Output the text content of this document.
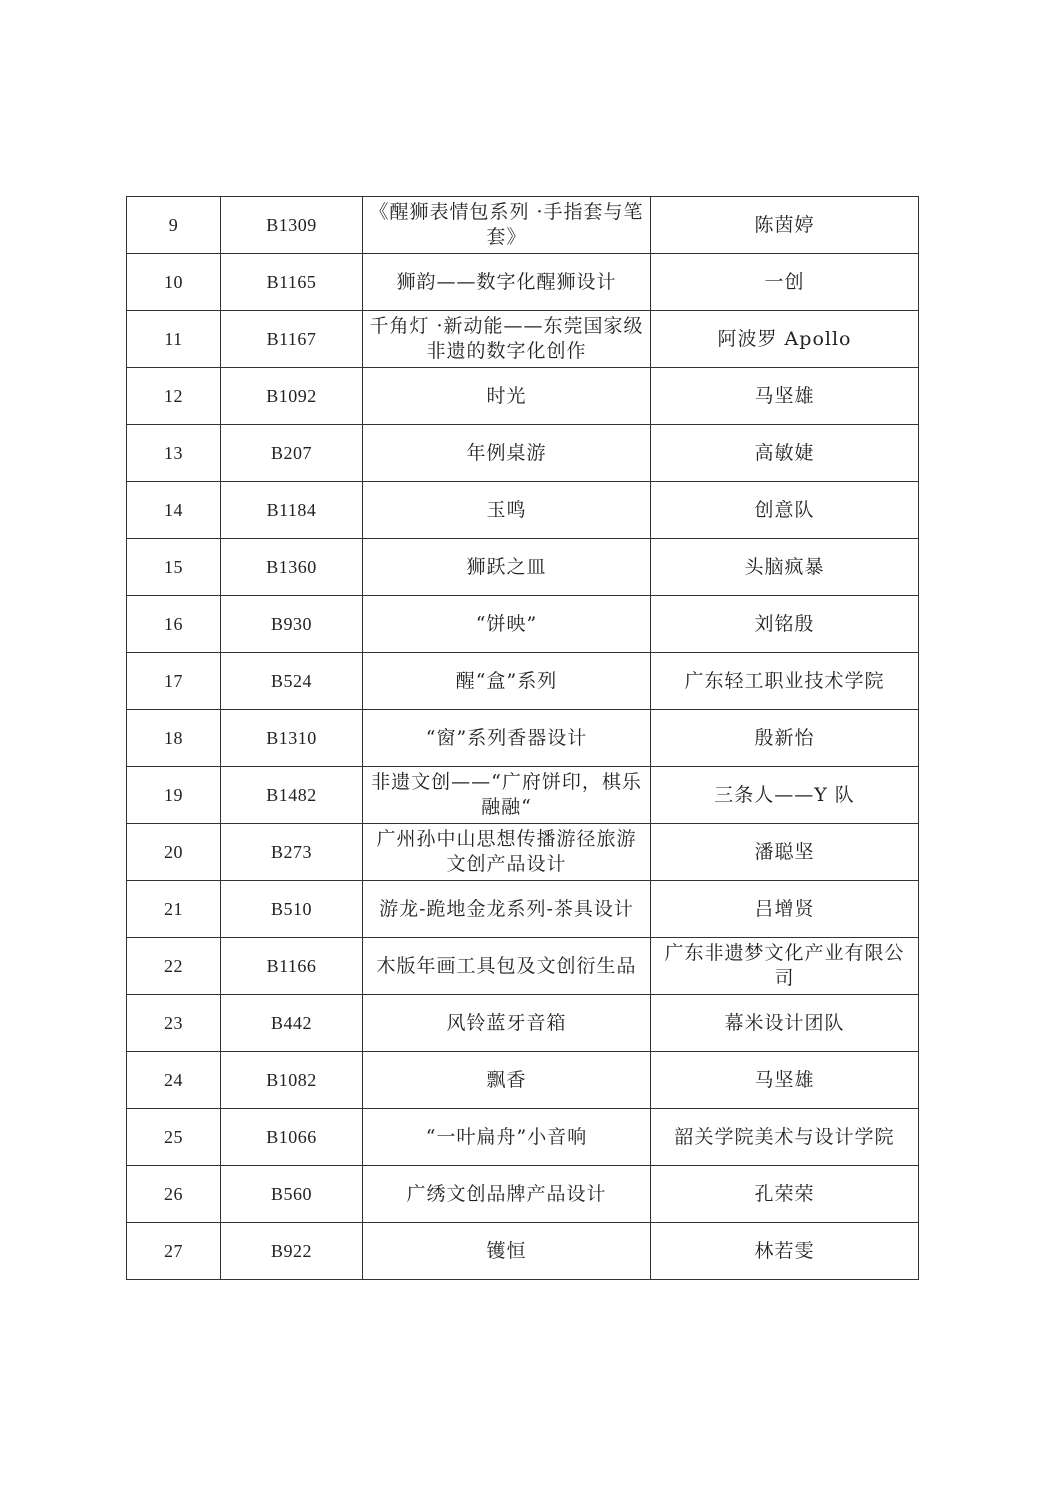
9	B1309	《醒狮表情包系列 ·手指套与笔套》	陈茵婷
10	B1165	狮韵——数字化醒狮设计	一创
11	B1167	千角灯 ·新动能——东莞国家级非遗的数字化创作	阿波罗 Apollo
12	B1092	时光	马坚雄
13	B207	年例桌游	高敏婕
14	B1184	玉鸣	创意队
15	B1360	狮跃之皿	头脑疯暴
16	B930	“饼映”	刘铭殷
17	B524	醒“盒”系列	广东轻工职业技术学院
18	B1310	“窗”系列香器设计	殷新怡
19	B1482	非遗文创——“广府饼印，棋乐融融“	三条人——Y 队
20	B273	广州孙中山思想传播游径旅游文创产品设计	潘聪坚
21	B510	游龙-跪地金龙系列-茶具设计	吕增贤
22	B1166	木版年画工具包及文创衍生品	广东非遗梦文化产业有限公司
23	B442	风铃蓝牙音箱	幕米设计团队
24	B1082	飘香	马坚雄
25	B1066	“一叶扁舟”小音响	韶关学院美术与设计学院
26	B560	广绣文创品牌产品设计	孔荣荣
27	B922	镬恒	林若雯
